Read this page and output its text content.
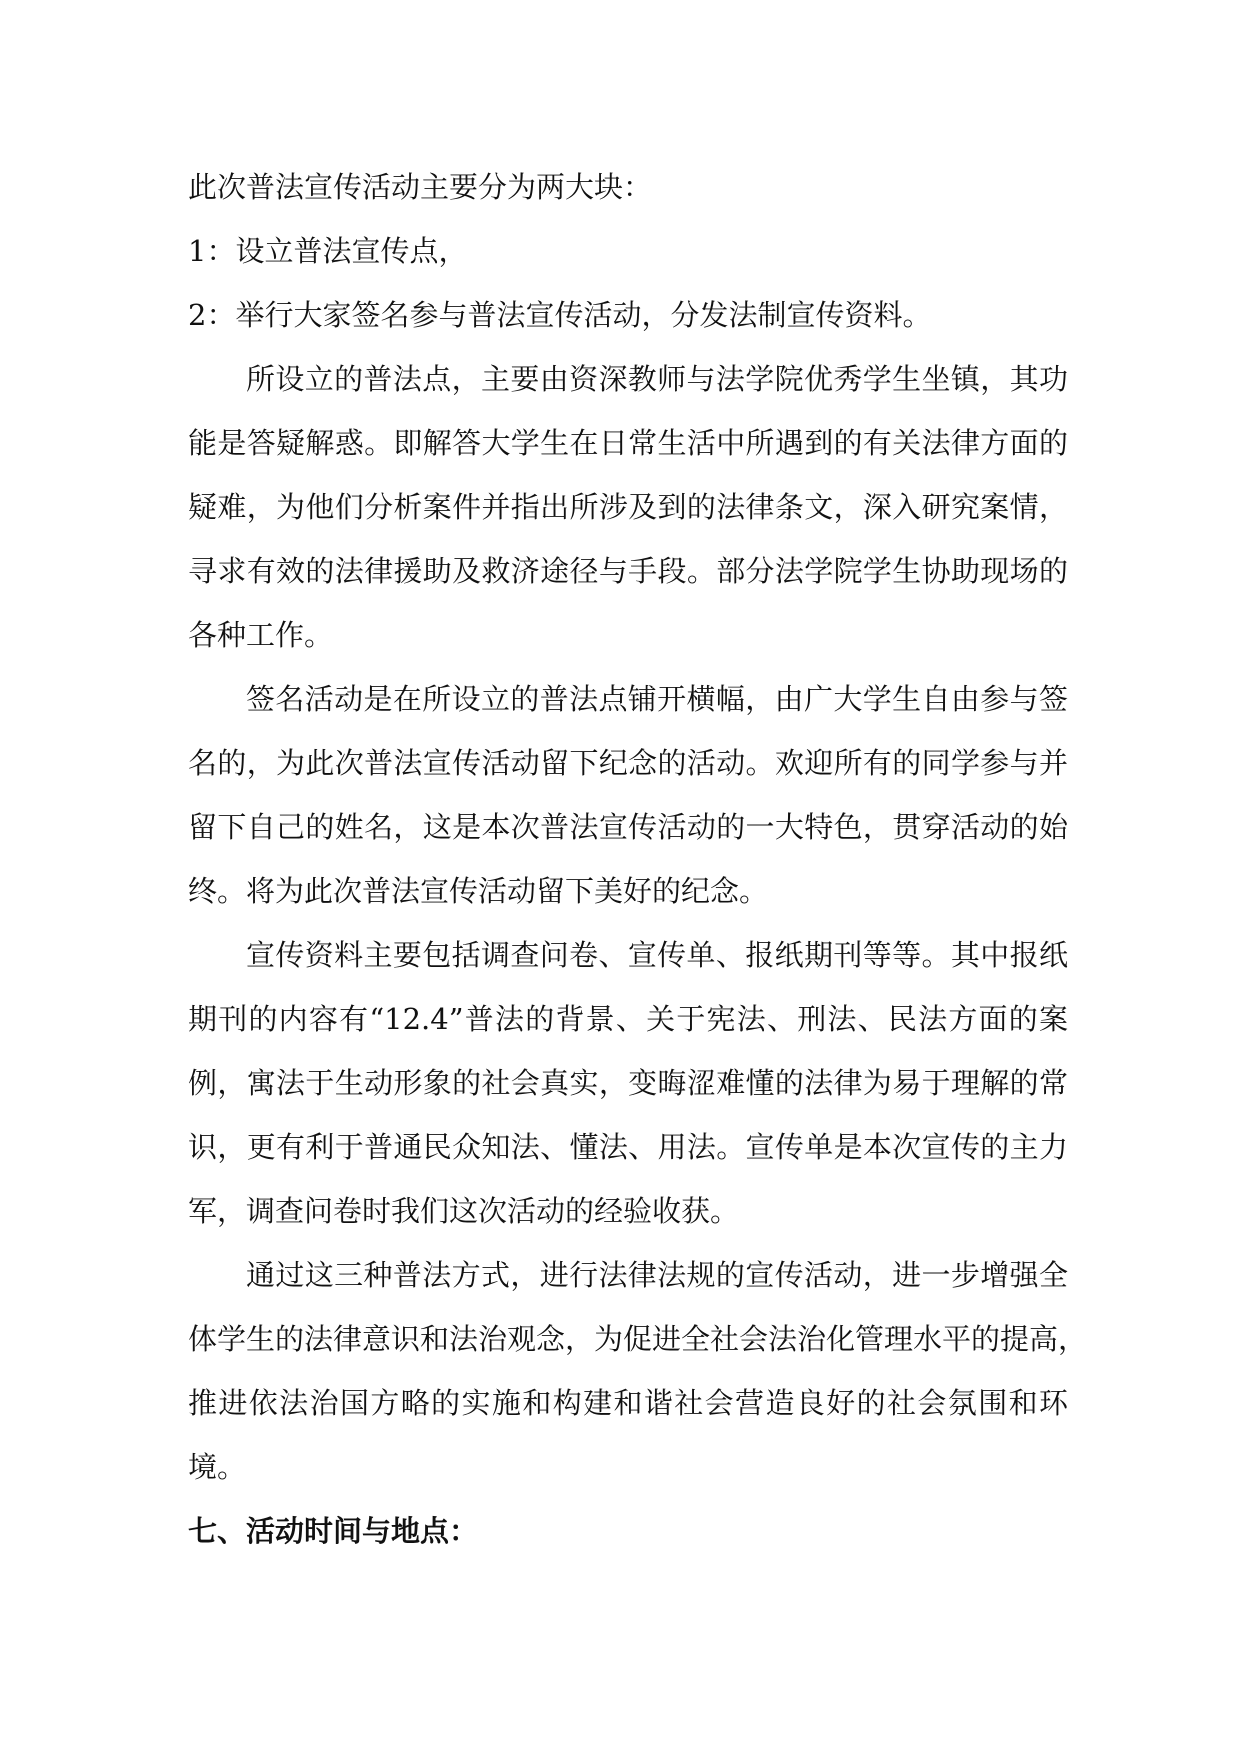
此次普法宣传活动主要分为两大块：

1：设立普法宣传点，

2：举行大家签名参与普法宣传活动，分发法制宣传资料。

所设立的普法点，主要由资深教师与法学院优秀学生坐镇，其功

能是答疑解惑。即解答大学生在日常生活中所遇到的有关法律方面的

疑难，为他们分析案件并指出所涉及到的法律条文，深入研究案情，

寻求有效的法律援助及救济途径与手段。部分法学院学生协助现场的

各种工作。

签名活动是在所设立的普法点铺开横幅，由广大学生自由参与签

名的，为此次普法宣传活动留下纪念的活动。欢迎所有的同学参与并

留下自己的姓名，这是本次普法宣传活动的一大特色，贯穿活动的始

终。将为此次普法宣传活动留下美好的纪念。

宣传资料主要包括调查问卷、宣传单、报纸期刊等等。其中报纸

期刊的内容有“12.4”普法的背景、关于宪法、刑法、民法方面的案

例，寓法于生动形象的社会真实，变晦涩难懂的法律为易于理解的常

识，更有利于普通民众知法、懂法、用法。宣传单是本次宣传的主力

军，调查问卷时我们这次活动的经验收获。

通过这三种普法方式，进行法律法规的宣传活动，进一步增强全

体学生的法律意识和法治观念，为促进全社会法治化管理水平的提高，

推进依法治国方略的实施和构建和谐社会营造良好的社会氛围和环

境。

七、活动时间与地点：
